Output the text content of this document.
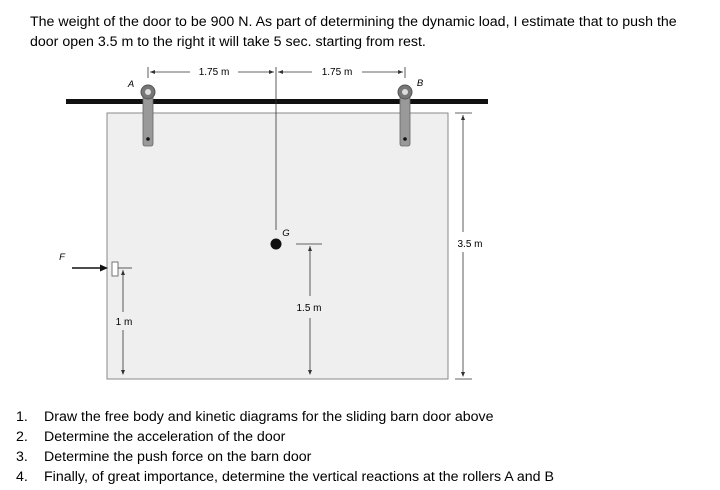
The weight of the door to be 900 N. As part of determining the dynamic load, I estimate that to push the

door open 3.5 m to the right it will take 5 sec. starting from rest.

1.75 m	1.75 m
A	B
G
1.5 m
3.5 m
F
1 m
1.	Draw the free body and kinetic diagrams for the sliding barn door above
2.	Determine the acceleration of the door
3.	Determine the push force on the barn door
4.	Finally, of great importance, determine the vertical reactions at the rollers A and B
